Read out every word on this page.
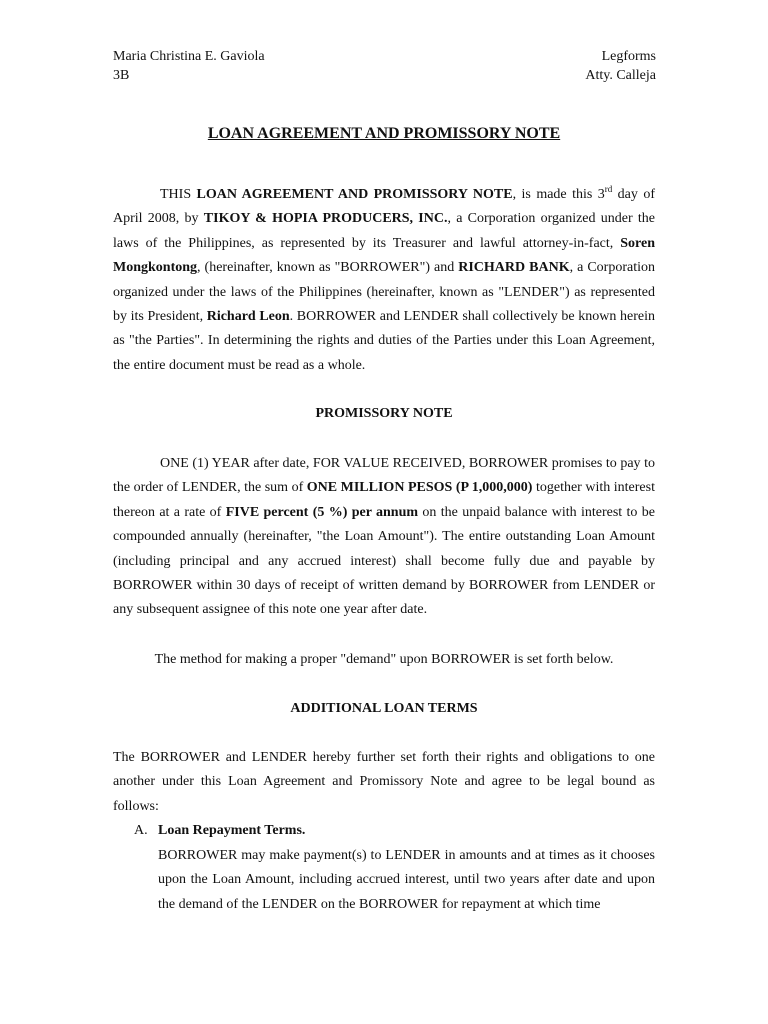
Maria Christina E. Gaviola
3B
Legforms
Atty. Calleja
LOAN AGREEMENT AND PROMISSORY NOTE

THIS LOAN AGREEMENT AND PROMISSORY NOTE, is made this 3rd day of April 2008, by TIKOY & HOPIA PRODUCERS, INC., a Corporation organized under the laws of the Philippines, as represented by its Treasurer and lawful attorney-in-fact, Soren Mongkontong, (hereinafter, known as "BORROWER") and RICHARD BANK, a Corporation organized under the laws of the Philippines (hereinafter, known as "LENDER") as represented by its President, Richard Leon. BORROWER and LENDER shall collectively be known herein as "the Parties". In determining the rights and duties of the Parties under this Loan Agreement, the entire document must be read as a whole.

PROMISSORY NOTE

ONE (1) YEAR after date, FOR VALUE RECEIVED, BORROWER promises to pay to the order of LENDER, the sum of ONE MILLION PESOS (P 1,000,000) together with interest thereon at a rate of FIVE percent (5 %) per annum on the unpaid balance with interest to be compounded annually (hereinafter, "the Loan Amount"). The entire outstanding Loan Amount (including principal and any accrued interest) shall become fully due and payable by BORROWER within 30 days of receipt of written demand by BORROWER from LENDER or any subsequent assignee of this note one year after date.

The method for making a proper "demand" upon BORROWER is set forth below.
ADDITIONAL LOAN TERMS

The BORROWER and LENDER hereby further set forth their rights and obligations to one another under this Loan Agreement and Promissory Note and agree to be legal bound as follows:

A. Loan Repayment Terms.

BORROWER may make payment(s) to LENDER in amounts and at times as it chooses upon the Loan Amount, including accrued interest, until two years after date and upon the demand of the LENDER on the BORROWER for repayment at which time
